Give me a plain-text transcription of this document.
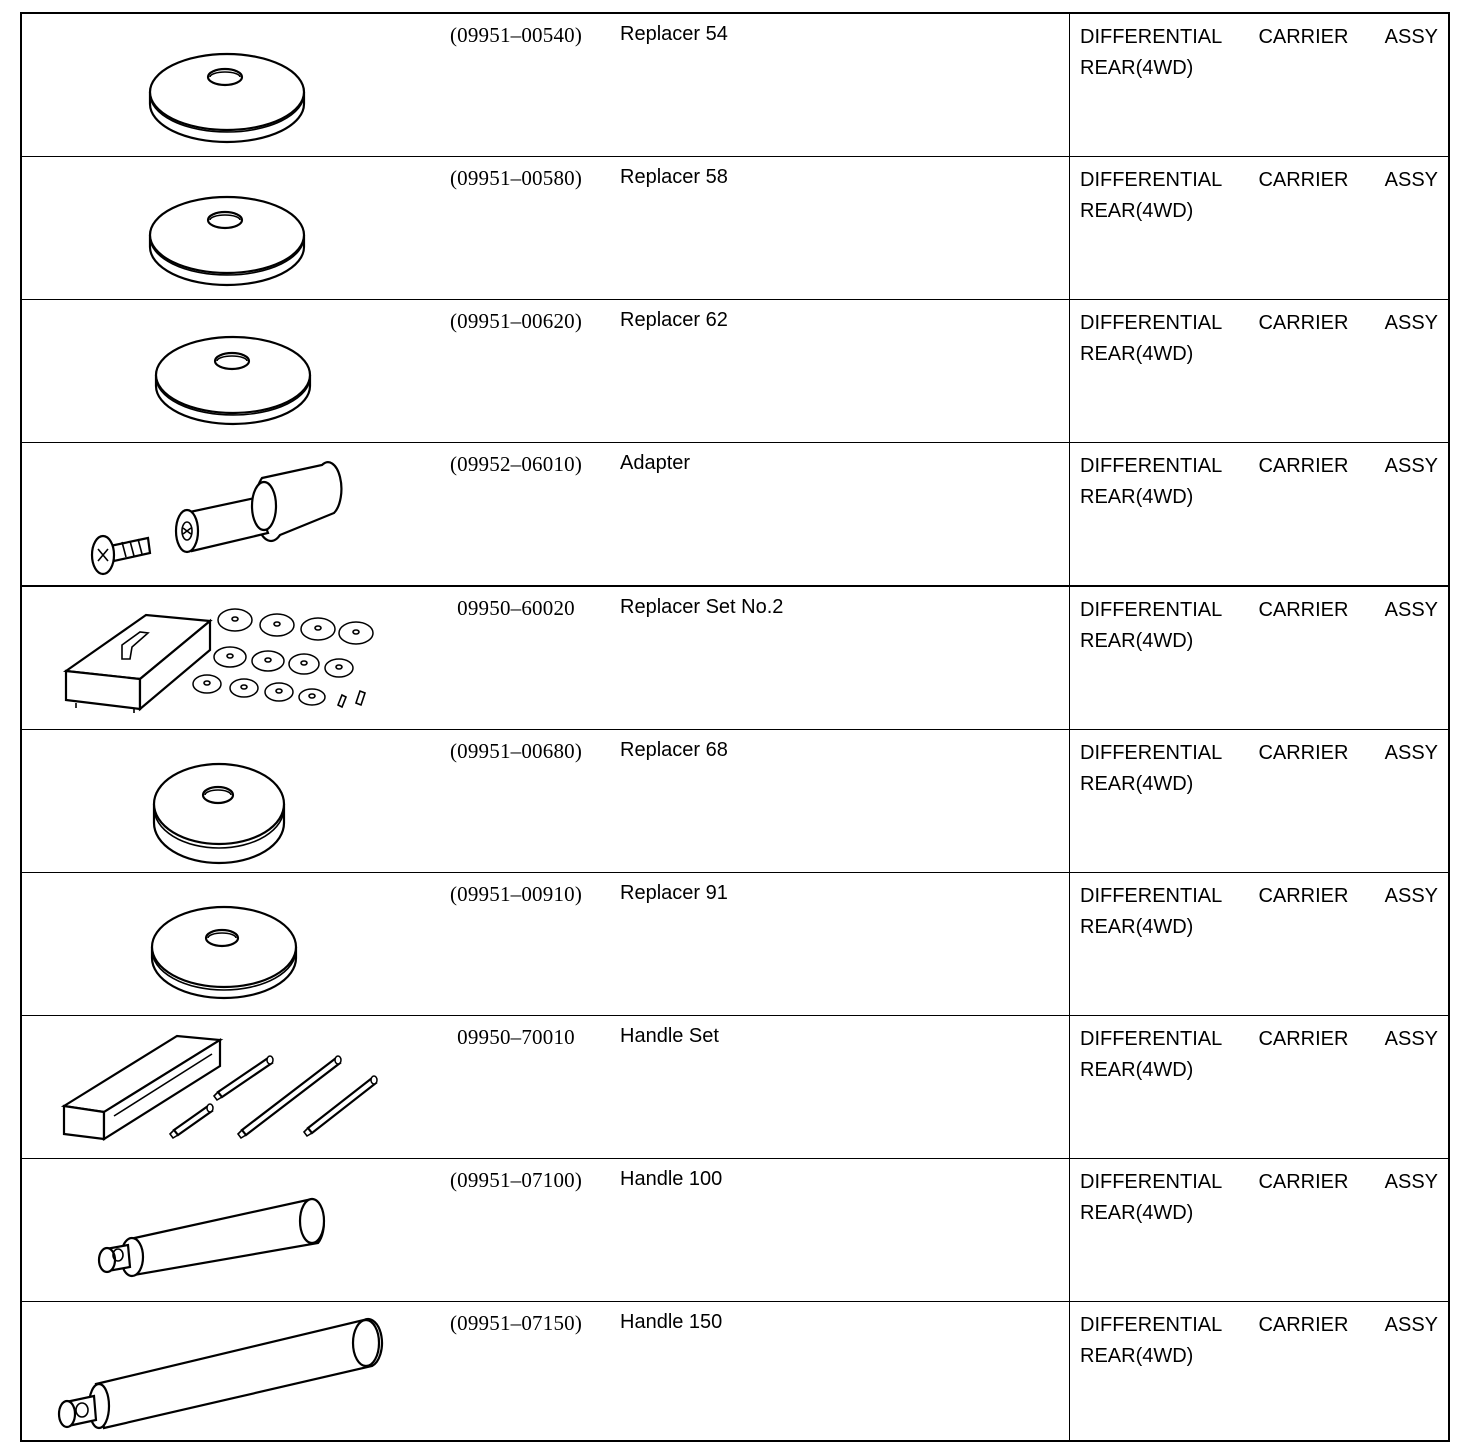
(09951–00540)	Replacer 54	DIFFERENTIAL CARRIER ASSY
REAR(4WD)
(09951–00580)	Replacer 58	DIFFERENTIAL CARRIER ASSY
REAR(4WD)
(09951–00620)	Replacer 62	DIFFERENTIAL CARRIER ASSY
REAR(4WD)
(09952–06010)	Adapter	DIFFERENTIAL CARRIER ASSY
REAR(4WD)
09950–60020	Replacer Set No.2	DIFFERENTIAL CARRIER ASSY
REAR(4WD)
(09951–00680)	Replacer 68	DIFFERENTIAL CARRIER ASSY
REAR(4WD)
(09951–00910)	Replacer 91	DIFFERENTIAL CARRIER ASSY
REAR(4WD)
09950–70010	Handle Set	DIFFERENTIAL CARRIER ASSY
REAR(4WD)
(09951–07100)	Handle 100	DIFFERENTIAL CARRIER ASSY
REAR(4WD)
(09951–07150)	Handle 150	DIFFERENTIAL CARRIER ASSY
REAR(4WD)
